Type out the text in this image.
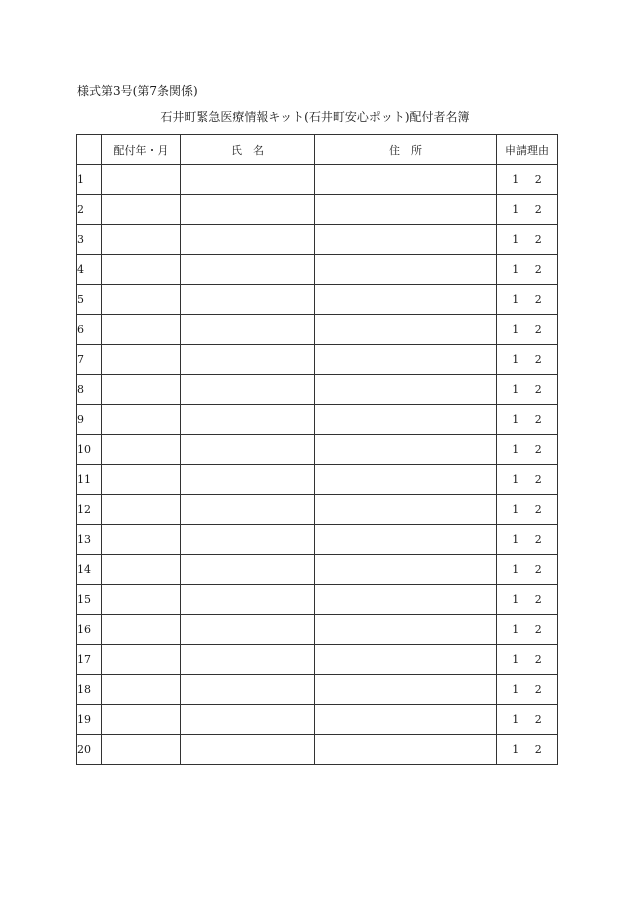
様式第3号(第7条関係)
石井町緊急医療情報キット(石井町安心ポット)配付者名簿
	配付年・月	氏　名	住　所	申請理由
1				1 2
2				1 2
3				1 2
4				1 2
5				1 2
6				1 2
7				1 2
8				1 2
9				1 2
10				1 2
11				1 2
12				1 2
13				1 2
14				1 2
15				1 2
16				1 2
17				1 2
18				1 2
19				1 2
20				1 2
